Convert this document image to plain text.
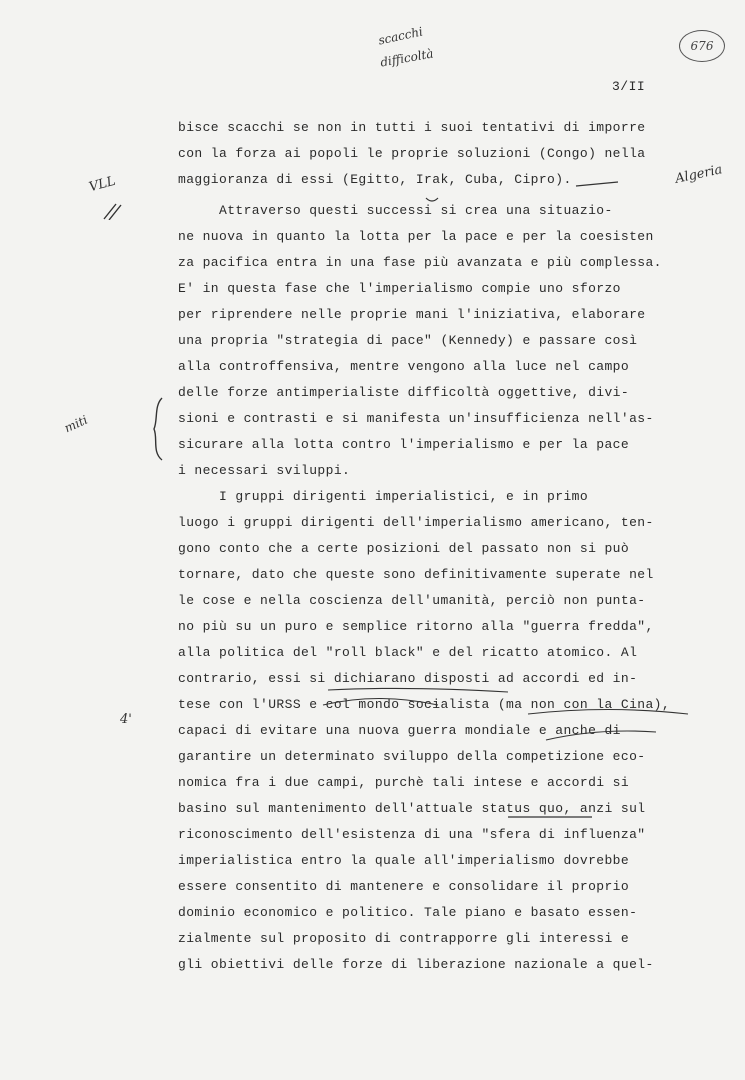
scacchi
difficoltà
676
3/II
VLL	Algeria
miti
4'
bisce scacchi se non in tutti i suoi tentativi di imporre
con la forza ai popoli le proprie soluzioni (Congo) nella
maggioranza di essi (Egitto, Irak, Cuba, Cipro).
Attraverso questi successi si crea una situazio-
ne nuova in quanto la lotta per la pace e per la coesisten
za pacifica entra in una fase più avanzata e più complessa.
E' in questa fase che l'imperialismo compie uno sforzo
per riprendere nelle proprie mani l'iniziativa, elaborare
una propria "strategia di pace" (Kennedy) e passare così
alla controffensiva, mentre vengono alla luce nel campo
delle forze antimperialiste difficoltà oggettive, divi-
sioni e contrasti e si manifesta un'insufficienza nell'as-
sicurare alla lotta contro l'imperialismo e per la pace
i necessari sviluppi.
I gruppi dirigenti imperialistici, e in primo
luogo i gruppi dirigenti dell'imperialismo americano, ten-
gono conto che a certe posizioni del passato non si può
tornare, dato che queste sono definitivamente superate nel
le cose e nella coscienza dell'umanità, perciò non punta-
no più su un puro e semplice ritorno alla "guerra fredda",
alla politica del "roll black" e del ricatto atomico. Al
contrario, essi si dichiarano disposti ad accordi ed in-
tese con l'URSS e col mondo socialista (ma non con la Cina),
capaci di evitare una nuova guerra mondiale e anche di
garantire un determinato sviluppo della competizione eco-
nomica fra i due campi, purchè tali intese e accordi si
basino sul mantenimento dell'attuale status quo, anzi sul
riconoscimento dell'esistenza di una "sfera di influenza"
imperialistica entro la quale all'imperialismo dovrebbe
essere consentito di mantenere e consolidare il proprio
dominio economico e politico. Tale piano e basato essen-
zialmente sul proposito di contrapporre gli interessi e
gli obiettivi delle forze di liberazione nazionale a quel-
